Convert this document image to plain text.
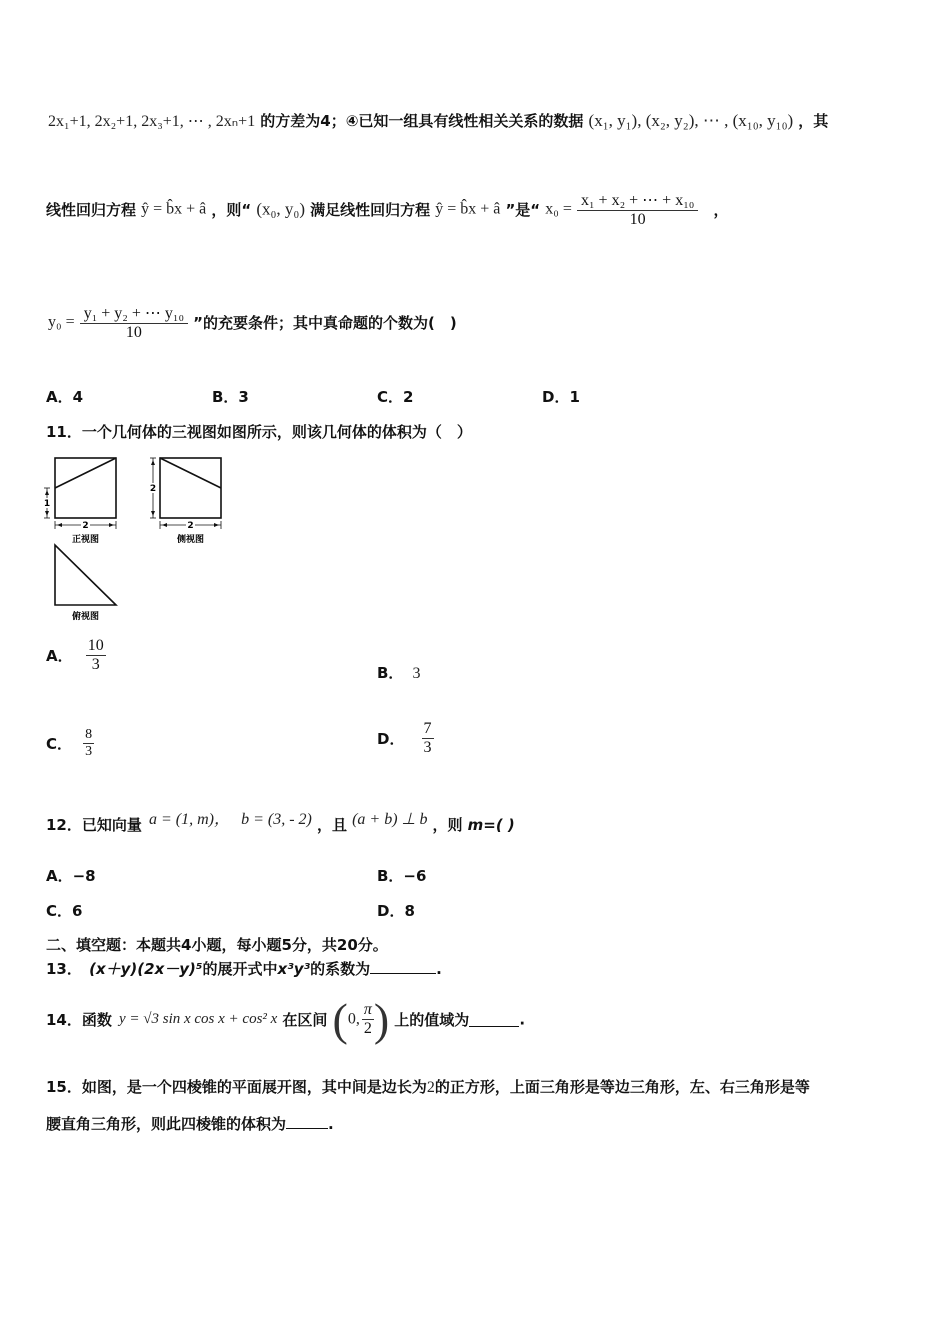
2x₁+1, 2x₂+1, 2x₃+1, ⋯ , 2xₙ+1 的方差为4；④已知一组具有线性相关关系的数据 (x₁, y₁), (x₂, y₂), ⋯ , (x₁₀, y₁₀) ，其
线性回归方程 ŷ = b̂x + â ，则“ (x₀, y₀) 满足线性回归方程 ŷ = b̂x + â ”是“ $x_0 = \frac{\text{x₁ + x₂ + ⋯ + x₁₀}}{10}$ ，
$y_0 = \frac{\text{y₁ + y₂ + ⋯ y₁₀}}{10}$ ”的充要条件；其中真命题的个数为(　)
A．4	B．3	C．2	D．1
11．一个几何体的三视图如图所示，则该几何体的体积为（　）
1
2
正视图
2
2
侧视图
俯视图
A． $\frac{10}{3}$	B． 3
C． $\frac{8}{3}$	D． $\frac{7}{3}$
12．已知向量 a = (1, m)， b = (3, - 2) ，且 (a + b) ⊥ b ，则 m=( )
A．−8	B．−6
C．6	D．8
二、填空题：本题共4小题，每小题5分，共20分。
13． (x＋y)(2x－y)⁵的展开式中x³y³的系数为	.
14．函数 y = √3 sin x cos x + cos² x 在区间 (0, $\frac{\pi}{2}$ ) 上的值域为	.
15．如图，是一个四棱锥的平面展开图，其中间是边长为2的正方形，上面三角形是等边三角形，左、右三角形是等
腰直角三角形，则此四棱锥的体积为	.
